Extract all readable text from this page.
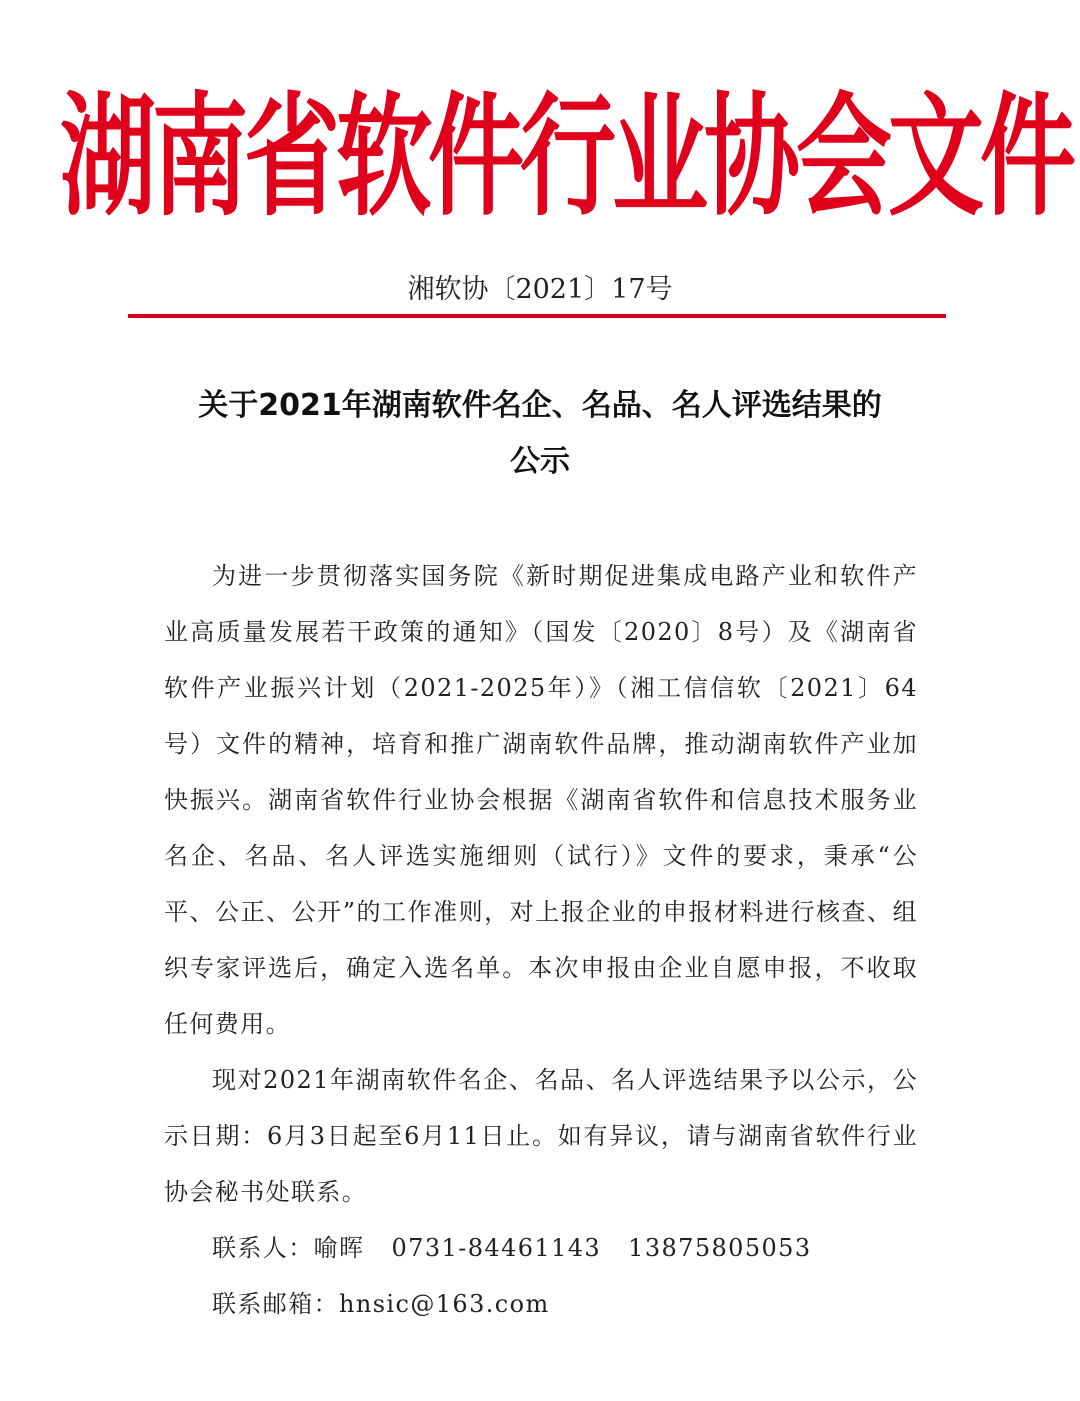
湖南省软件行业协会文件
湘软协〔2021〕17号
关于2021年湖南软件名企、名品、名人评选结果的
公示

为进一步贯彻落实国务院《新时期促进集成电路产业和软件产业高质量发展若干政策的通知》（国发〔2020〕8号）及《湖南省软件产业振兴计划（2021-2025年）》（湘工信信软〔2021〕64号）文件的精神，培育和推广湖南软件品牌，推动湖南软件产业加快振兴。湖南省软件行业协会根据《湖南省软件和信息技术服务业名企、名品、名人评选实施细则（试行）》文件的要求，秉承“公平、公正、公开”的工作准则，对上报企业的申报材料进行核查、组织专家评选后，确定入选名单。本次申报由企业自愿申报，不收取任何费用。

现对2021年湖南软件名企、名品、名人评选结果予以公示，公示日期：6月3日起至6月11日止。如有异议，请与湖南省软件行业协会秘书处联系。

联系人：喻晖 0731-84461143 13875805053

联系邮箱：hnsic@163.com
